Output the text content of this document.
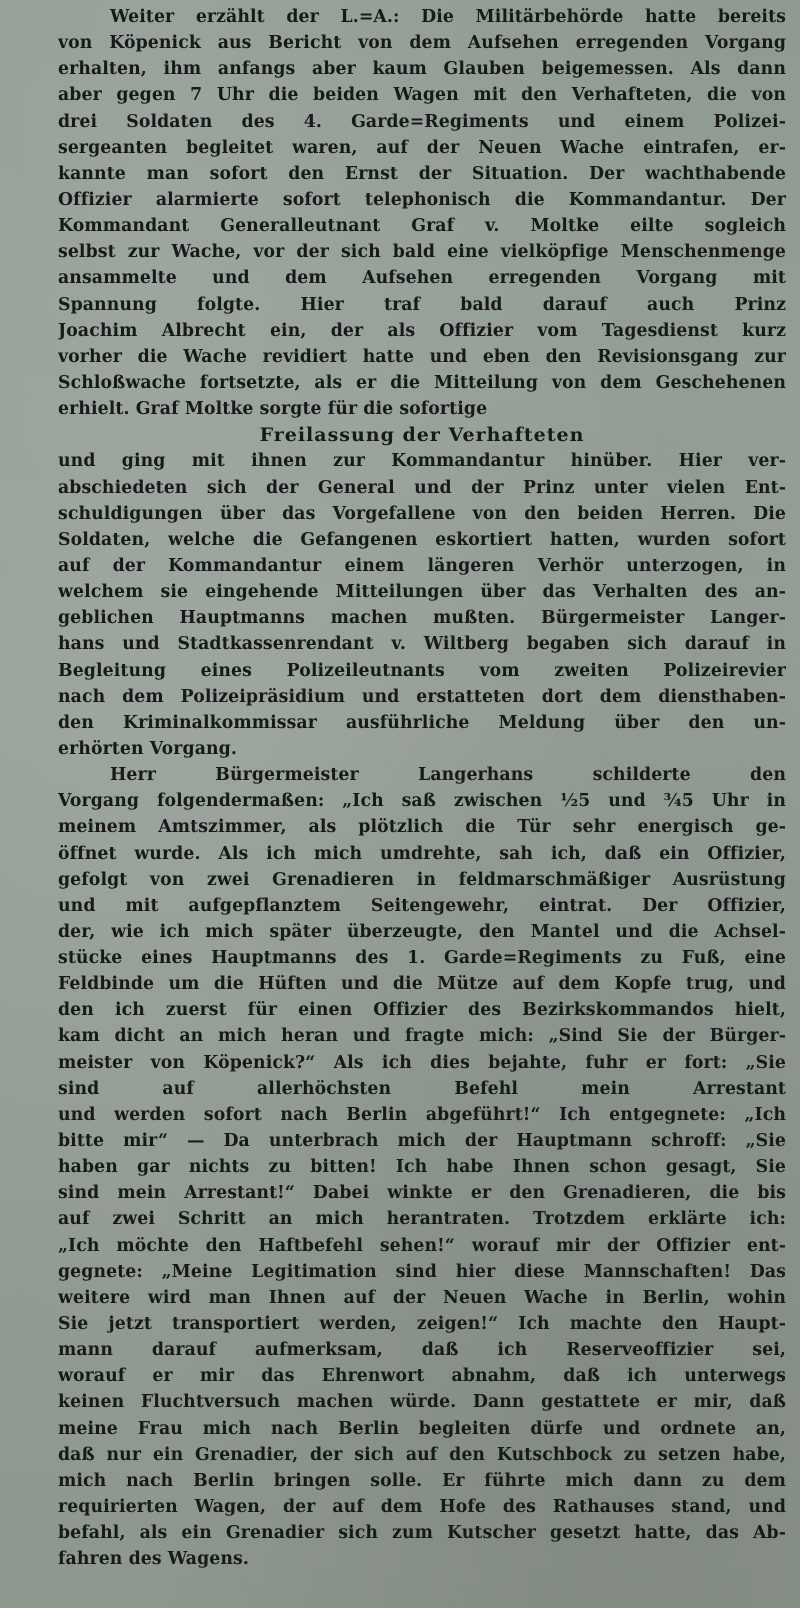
Weiter erzählt der L.=A.: Die Militärbehörde hatte bereits
von Köpenick aus Bericht von dem Aufsehen erregenden Vorgang
erhalten, ihm anfangs aber kaum Glauben beigemessen. Als dann
aber gegen 7 Uhr die beiden Wagen mit den Verhafteten, die von
drei Soldaten des 4. Garde=Regiments und einem Polizei-
sergeanten begleitet waren, auf der Neuen Wache eintrafen, er-
kannte man sofort den Ernst der Situation. Der wachthabende
Offizier alarmierte sofort telephonisch die Kommandantur. Der
Kommandant Generalleutnant Graf v. Moltke eilte sogleich
selbst zur Wache, vor der sich bald eine vielköpfige Menschenmenge
ansammelte und dem Aufsehen erregenden Vorgang mit
Spannung folgte. Hier traf bald darauf auch Prinz
Joachim Albrecht ein, der als Offizier vom Tagesdienst kurz
vorher die Wache revidiert hatte und eben den Revisionsgang zur
Schloßwache fortsetzte, als er die Mitteilung von dem Geschehenen
erhielt. Graf Moltke sorgte für die sofortige
Freilassung der Verhafteten
und ging mit ihnen zur Kommandantur hinüber. Hier ver-
abschiedeten sich der General und der Prinz unter vielen Ent-
schuldigungen über das Vorgefallene von den beiden Herren. Die
Soldaten, welche die Gefangenen eskortiert hatten, wurden sofort
auf der Kommandantur einem längeren Verhör unterzogen, in
welchem sie eingehende Mitteilungen über das Verhalten des an-
geblichen Hauptmanns machen mußten. Bürgermeister Langer-
hans und Stadtkassenrendant v. Wiltberg begaben sich darauf in
Begleitung eines Polizeileutnants vom zweiten Polizeirevier
nach dem Polizeipräsidium und erstatteten dort dem diensthaben-
den Kriminalkommissar ausführliche Meldung über den un-
erhörten Vorgang.
Herr Bürgermeister Langerhans schilderte den
Vorgang folgendermaßen: „Ich saß zwischen ½5 und ¾5 Uhr in
meinem Amtszimmer, als plötzlich die Tür sehr energisch ge-
öffnet wurde. Als ich mich umdrehte, sah ich, daß ein Offizier,
gefolgt von zwei Grenadieren in feldmarschmäßiger Ausrüstung
und mit aufgepflanztem Seitengewehr, eintrat. Der Offizier,
der, wie ich mich später überzeugte, den Mantel und die Achsel-
stücke eines Hauptmanns des 1. Garde=Regiments zu Fuß, eine
Feldbinde um die Hüften und die Mütze auf dem Kopfe trug, und
den ich zuerst für einen Offizier des Bezirkskommandos hielt,
kam dicht an mich heran und fragte mich: „Sind Sie der Bürger-
meister von Köpenick?“ Als ich dies bejahte, fuhr er fort: „Sie
sind auf allerhöchsten Befehl mein Arrestant
und werden sofort nach Berlin abgeführt!“ Ich entgegnete: „Ich
bitte mir“ — Da unterbrach mich der Hauptmann schroff: „Sie
haben gar nichts zu bitten! Ich habe Ihnen schon gesagt, Sie
sind mein Arrestant!“ Dabei winkte er den Grenadieren, die bis
auf zwei Schritt an mich herantraten. Trotzdem erklärte ich:
„Ich möchte den Haftbefehl sehen!“ worauf mir der Offizier ent-
gegnete: „Meine Legitimation sind hier diese Mannschaften! Das
weitere wird man Ihnen auf der Neuen Wache in Berlin, wohin
Sie jetzt transportiert werden, zeigen!“ Ich machte den Haupt-
mann darauf aufmerksam, daß ich Reserveoffizier sei,
worauf er mir das Ehrenwort abnahm, daß ich unterwegs
keinen Fluchtversuch machen würde. Dann gestattete er mir, daß
meine Frau mich nach Berlin begleiten dürfe und ordnete an,
daß nur ein Grenadier, der sich auf den Kutschbock zu setzen habe,
mich nach Berlin bringen solle. Er führte mich dann zu dem
requirierten Wagen, der auf dem Hofe des Rathauses stand, und
befahl, als ein Grenadier sich zum Kutscher gesetzt hatte, das Ab-
fahren des Wagens.
